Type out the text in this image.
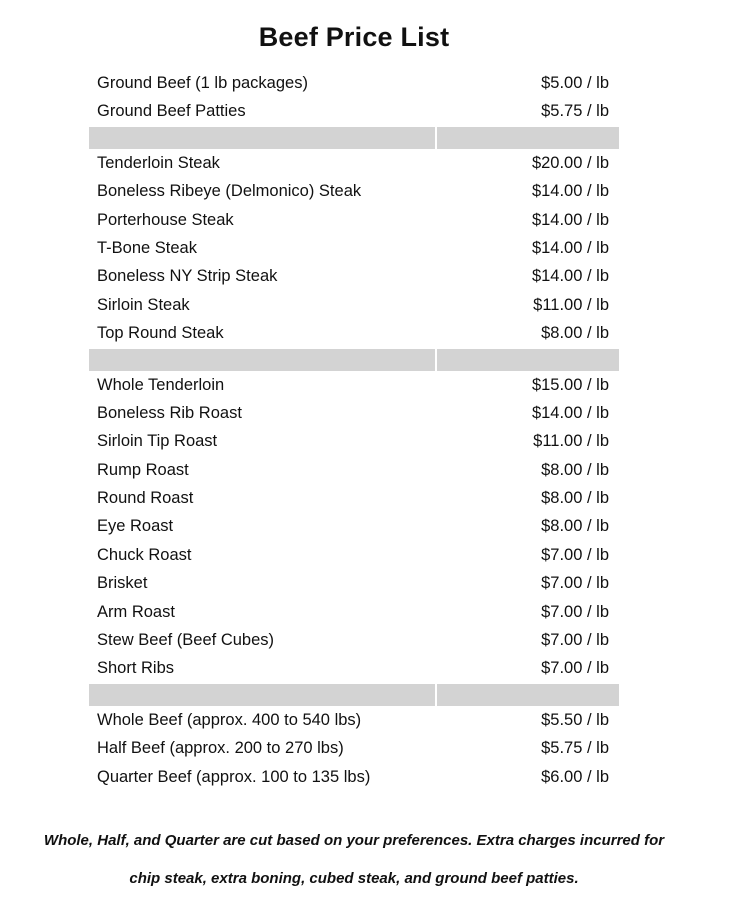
Beef Price List
Ground Beef (1 lb packages)	$5.00 / lb
Ground Beef Patties	$5.75 / lb
Tenderloin Steak	$20.00 / lb
Boneless Ribeye (Delmonico) Steak	$14.00 / lb
Porterhouse Steak	$14.00 / lb
T-Bone Steak	$14.00 / lb
Boneless NY Strip Steak	$14.00 / lb
Sirloin Steak	$11.00 / lb
Top Round Steak	$8.00 / lb
Whole Tenderloin	$15.00 / lb
Boneless Rib Roast	$14.00 / lb
Sirloin Tip Roast	$11.00 / lb
Rump Roast	$8.00 / lb
Round Roast	$8.00 / lb
Eye Roast	$8.00 / lb
Chuck Roast	$7.00 / lb
Brisket	$7.00 / lb
Arm Roast	$7.00 / lb
Stew Beef (Beef Cubes)	$7.00 / lb
Short Ribs	$7.00 / lb
Whole Beef (approx. 400 to 540 lbs)	$5.50 / lb
Half Beef (approx. 200 to 270 lbs)	$5.75 / lb
Quarter Beef (approx. 100 to 135 lbs)	$6.00 / lb
Whole, Half, and Quarter are cut based on your preferences. Extra charges incurred for
chip steak, extra boning, cubed steak, and ground beef patties.
